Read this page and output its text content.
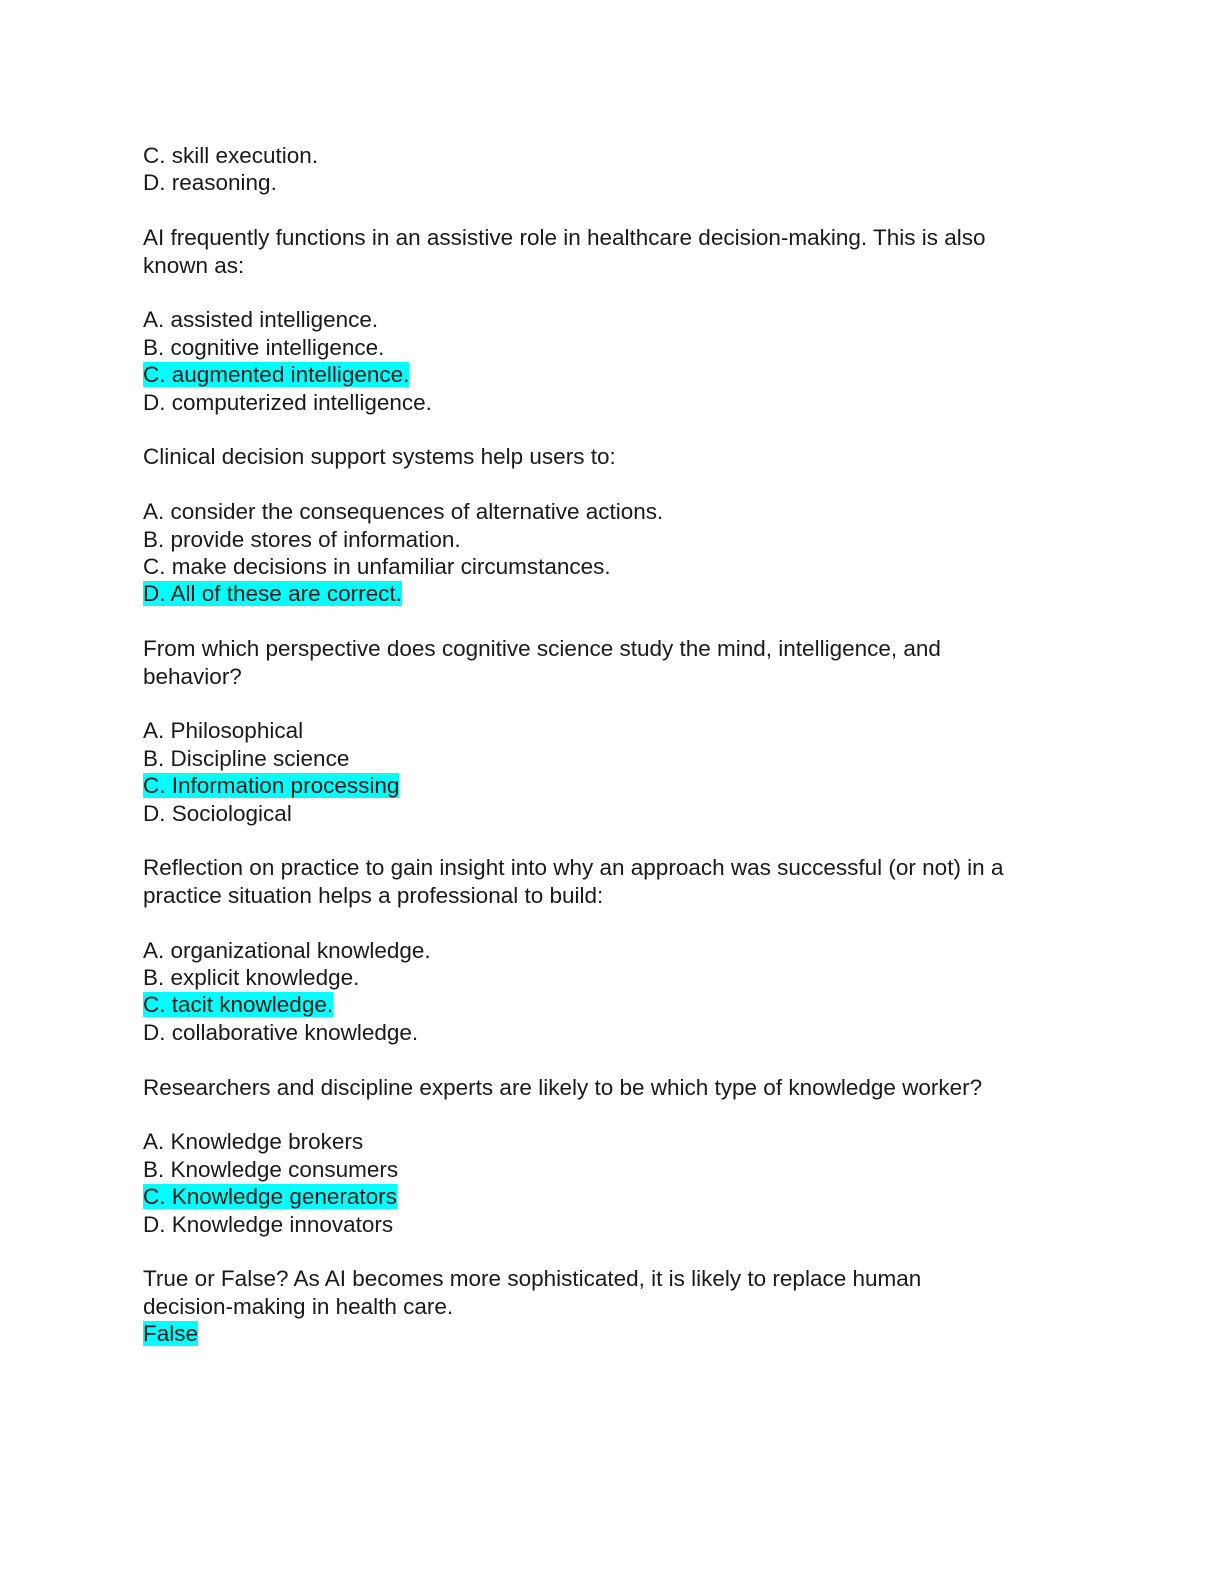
C. skill execution.
D. reasoning.
AI frequently functions in an assistive role in healthcare decision-making. This is also
known as:
A. assisted intelligence.
B. cognitive intelligence.
C. augmented intelligence.
D. computerized intelligence.
Clinical decision support systems help users to:
A. consider the consequences of alternative actions.
B. provide stores of information.
C. make decisions in unfamiliar circumstances.
D. All of these are correct.
From which perspective does cognitive science study the mind, intelligence, and
behavior?
A. Philosophical
B. Discipline science
C. Information processing
D. Sociological
Reflection on practice to gain insight into why an approach was successful (or not) in a
practice situation helps a professional to build:
A. organizational knowledge.
B. explicit knowledge.
C. tacit knowledge.
D. collaborative knowledge.
Researchers and discipline experts are likely to be which type of knowledge worker?
A. Knowledge brokers
B. Knowledge consumers
C. Knowledge generators
D. Knowledge innovators
True or False? As AI becomes more sophisticated, it is likely to replace human
decision-making in health care.
False
